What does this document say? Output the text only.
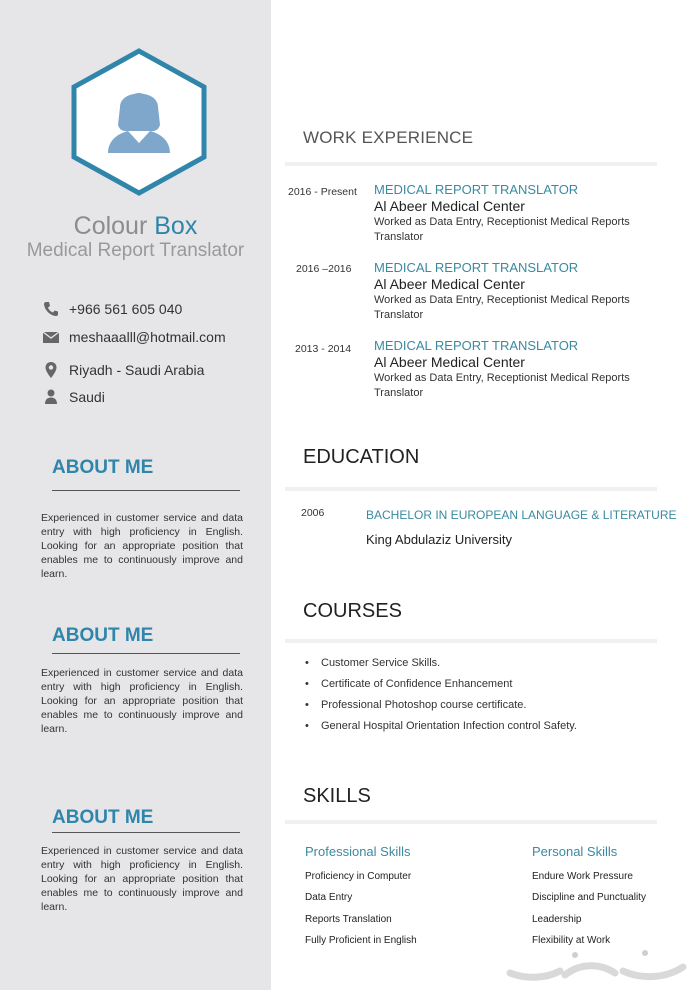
Colour Box
Medical Report Translator
+966 561 605 040
meshaaalll@hotmail.com
Riyadh - Saudi Arabia
Saudi
ABOUT ME
Experienced in customer service and data entry with high proficiency in English. Looking for an appropriate position that enables me to continuously improve and learn.
ABOUT ME
Experienced in customer service and data entry with high proficiency in English. Looking for an appropriate position that enables me to continuously improve and learn.
ABOUT ME
Experienced in customer service and data entry with high proficiency in English. Looking for an appropriate position that enables me to continuously improve and learn.
WORK EXPERIENCE
2016 - Present MEDICAL REPORT TRANSLATOR
Al Abeer Medical Center
Worked as Data Entry, Receptionist Medical Reports Translator
2016 –2016 MEDICAL REPORT TRANSLATOR
Al Abeer Medical Center
Worked as Data Entry, Receptionist Medical Reports Translator
2013 - 2014 MEDICAL REPORT TRANSLATOR
Al Abeer Medical Center
Worked as Data Entry, Receptionist Medical Reports Translator
EDUCATION
2006	BACHELOR IN EUROPEAN LANGUAGE & LITERATURE
King Abdulaziz University
COURSES
• Customer Service Skills.
• Certificate of Confidence Enhancement
• Professional Photoshop course certificate.
• General Hospital Orientation Infection control Safety.
SKILLS
Professional Skills
Proficiency in Computer
Data Entry
Reports Translation
Fully Proficient in English
Personal Skills
Endure Work Pressure
Discipline and Punctuality
Leadership
Flexibility at Work
